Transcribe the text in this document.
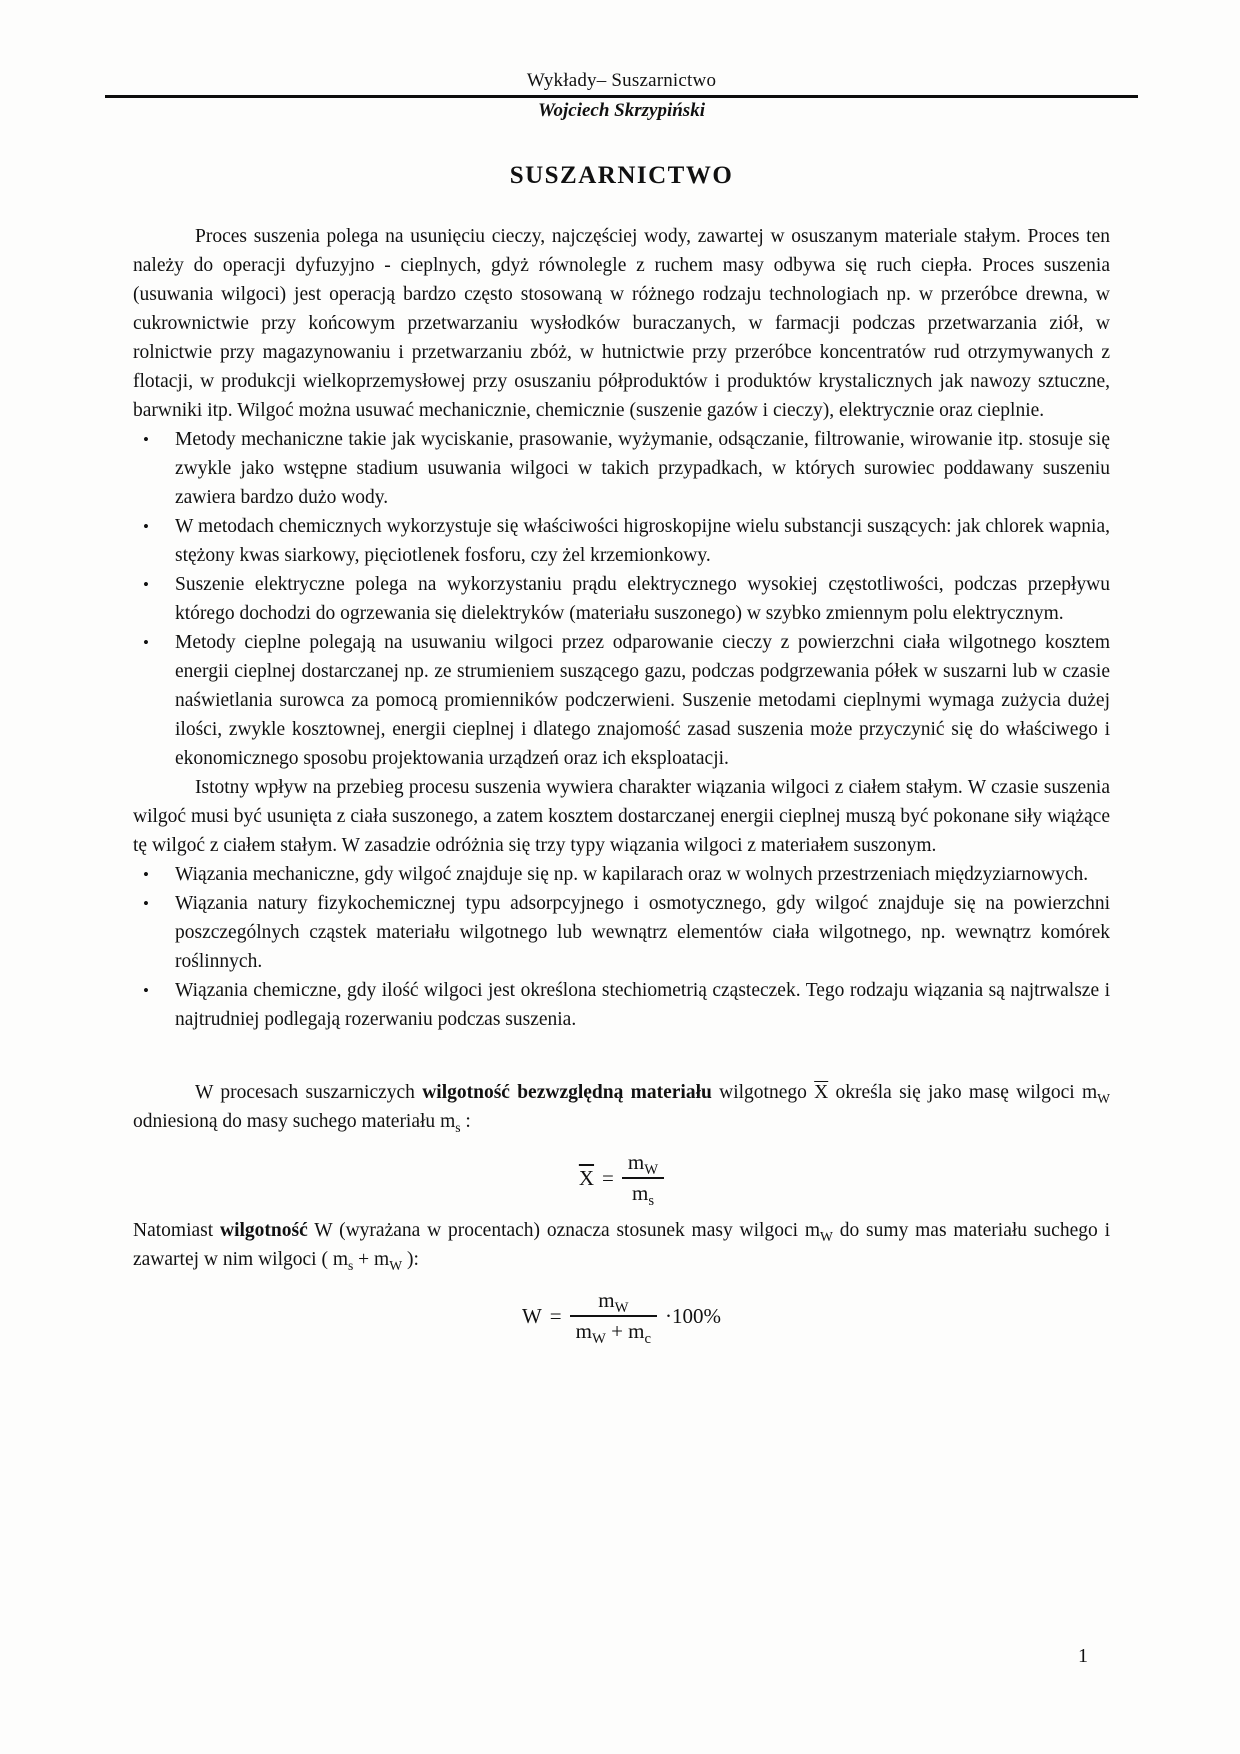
Wykłady– Suszarnictwo
Wojciech Skrzypiński
SUSZARNICTWO

Proces suszenia polega na usunięciu cieczy, najczęściej wody, zawartej w osuszanym materiale stałym. Proces ten należy do operacji dyfuzyjno - cieplnych, gdyż równolegle z ruchem masy odbywa się ruch ciepła. Proces suszenia (usuwania wilgoci) jest operacją bardzo często stosowaną w różnego rodzaju technologiach np. w przeróbce drewna, w cukrownictwie przy końcowym przetwarzaniu wysłodków buraczanych, w farmacji podczas przetwarzania ziół, w rolnictwie przy magazynowaniu i przetwarzaniu zbóż, w hutnictwie przy przeróbce koncentratów rud otrzymywanych z flotacji, w produkcji wielkoprzemysłowej przy osuszaniu półproduktów i produktów krystalicznych jak nawozy sztuczne, barwniki itp. Wilgoć można usuwać mechanicznie, chemicznie (suszenie gazów i cieczy), elektrycznie oraz cieplnie.

•	Metody mechaniczne takie jak wyciskanie, prasowanie, wyżymanie, odsączanie, filtrowanie, wirowanie itp. stosuje się zwykle jako wstępne stadium usuwania wilgoci w takich przypadkach, w których surowiec poddawany suszeniu zawiera bardzo dużo wody.
•	W metodach chemicznych wykorzystuje się właściwości higroskopijne wielu substancji suszących: jak chlorek wapnia, stężony kwas siarkowy, pięciotlenek fosforu, czy żel krzemionkowy.
•	Suszenie elektryczne polega na wykorzystaniu prądu elektrycznego wysokiej częstotliwości, podczas przepływu którego dochodzi do ogrzewania się dielektryków (materiału suszonego) w szybko zmiennym polu elektrycznym.
•	Metody cieplne polegają na usuwaniu wilgoci przez odparowanie cieczy z powierzchni ciała wilgotnego kosztem energii cieplnej dostarczanej np. ze strumieniem suszącego gazu, podczas podgrzewania półek w suszarni lub w czasie naświetlania surowca za pomocą promienników podczerwieni. Suszenie metodami cieplnymi wymaga zużycia dużej ilości, zwykle kosztownej, energii cieplnej i dlatego znajomość zasad suszenia może przyczynić się do właściwego i ekonomicznego sposobu projektowania urządzeń oraz ich eksploatacji.

Istotny wpływ na przebieg procesu suszenia wywiera charakter wiązania wilgoci z ciałem stałym. W czasie suszenia wilgoć musi być usunięta z ciała suszonego, a zatem kosztem dostarczanej energii cieplnej muszą być pokonane siły wiążące tę wilgoć z ciałem stałym. W zasadzie odróżnia się trzy typy wiązania wilgoci z materiałem suszonym.

•	Wiązania mechaniczne, gdy wilgoć znajduje się np. w kapilarach oraz w wolnych przestrzeniach międzyziarnowych.
•	Wiązania natury fizykochemicznej typu adsorpcyjnego i osmotycznego, gdy wilgoć znajduje się na powierzchni poszczególnych cząstek materiału wilgotnego lub wewnątrz elementów ciała wilgotnego, np. wewnątrz komórek roślinnych.
•	Wiązania chemiczne, gdy ilość wilgoci jest określona stechiometrią cząsteczek. Tego rodzaju wiązania są najtrwalsze i najtrudniej podlegają rozerwaniu podczas suszenia.

W procesach suszarniczych wilgotność bezwzględną materiału wilgotnego $\overline{X}$ określa się jako masę wilgoci $m_W$ odniesioną do masy suchego materiału $m_s$ :

$\overline{X} = \frac{m_W}{m_s}$

Natomiast wilgotność W (wyrażana w procentach) oznacza stosunek masy wilgoci $m_W$ do sumy mas materiału suchego i zawartej w nim wilgoci ( $m_s + m_W$ ):

$W = \frac{m_W}{m_W + m_c} \cdot 100\%$
1
